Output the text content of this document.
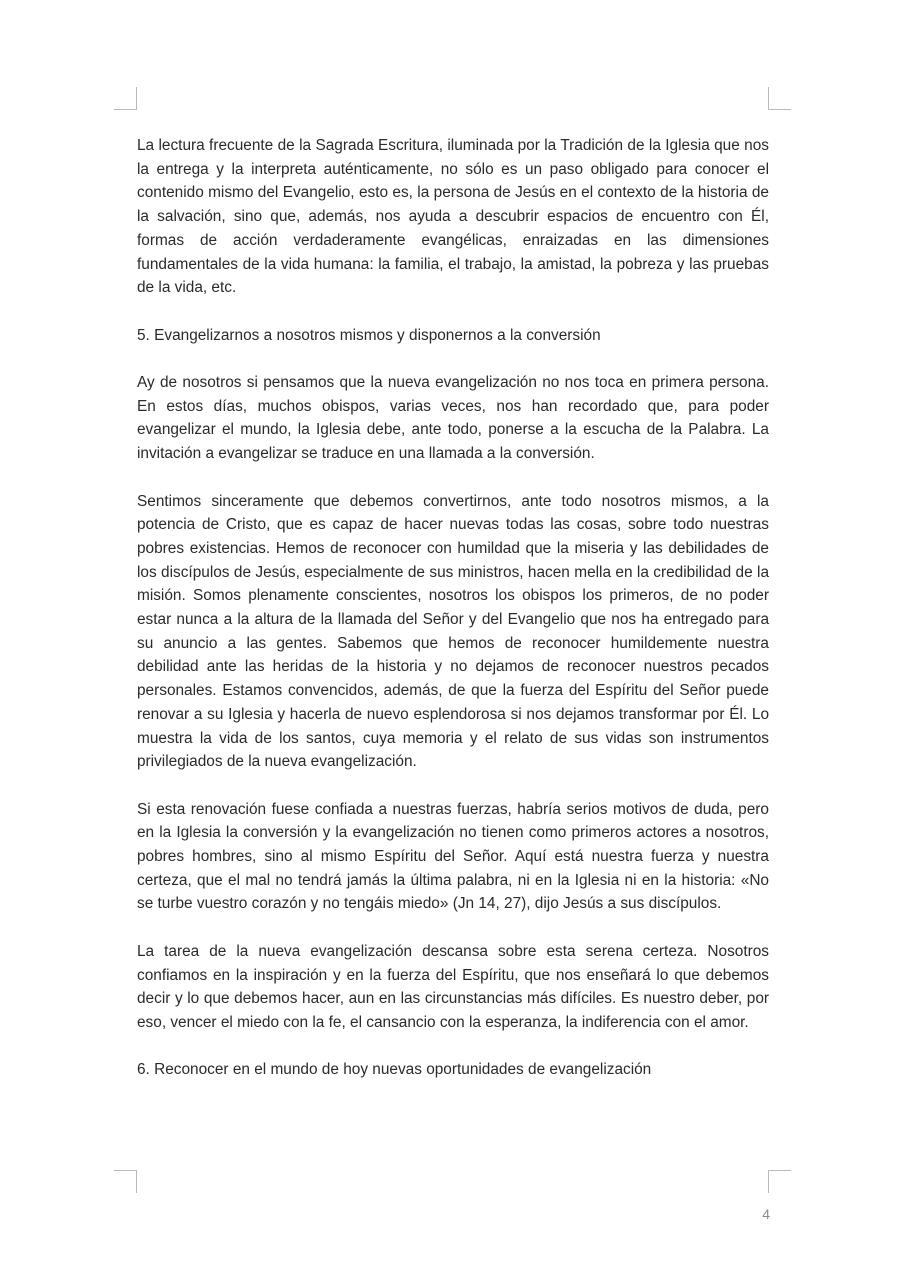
La lectura frecuente de la Sagrada Escritura, iluminada por la Tradición de la Iglesia que nos la entrega y la interpreta auténticamente, no sólo es un paso obligado para conocer el contenido mismo del Evangelio, esto es, la persona de Jesús en el contexto de la historia de la salvación, sino que, además, nos ayuda a descubrir espacios de encuentro con Él, formas de acción verdaderamente evangélicas, enraizadas en las dimensiones fundamentales de la vida humana: la familia, el trabajo, la amistad, la pobreza y las pruebas de la vida, etc.

5. Evangelizarnos a nosotros mismos y disponernos a la conversión

Ay de nosotros si pensamos que la nueva evangelización no nos toca en primera persona. En estos días, muchos obispos, varias veces, nos han recordado que, para poder evangelizar el mundo, la Iglesia debe, ante todo, ponerse a la escucha de la Palabra. La invitación a evangelizar se traduce en una llamada a la conversión.

Sentimos sinceramente que debemos convertirnos, ante todo nosotros mismos, a la potencia de Cristo, que es capaz de hacer nuevas todas las cosas, sobre todo nuestras pobres existencias. Hemos de reconocer con humildad que la miseria y las debilidades de los discípulos de Jesús, especialmente de sus ministros, hacen mella en la credibilidad de la misión. Somos plenamente conscientes, nosotros los obispos los primeros, de no poder estar nunca a la altura de la llamada del Señor y del Evangelio que nos ha entregado para su anuncio a las gentes. Sabemos que hemos de reconocer humildemente nuestra debilidad ante las heridas de la historia y no dejamos de reconocer nuestros pecados personales. Estamos convencidos, además, de que la fuerza del Espíritu del Señor puede renovar a su Iglesia y hacerla de nuevo esplendorosa si nos dejamos transformar por Él. Lo muestra la vida de los santos, cuya memoria y el relato de sus vidas son instrumentos privilegiados de la nueva evangelización.

Si esta renovación fuese confiada a nuestras fuerzas, habría serios motivos de duda, pero en la Iglesia la conversión y la evangelización no tienen como primeros actores a nosotros, pobres hombres, sino al mismo Espíritu del Señor. Aquí está nuestra fuerza y nuestra certeza, que el mal no tendrá jamás la última palabra, ni en la Iglesia ni en la historia: «No se turbe vuestro corazón y no tengáis miedo» (Jn 14, 27), dijo Jesús a sus discípulos.

La tarea de la nueva evangelización descansa sobre esta serena certeza. Nosotros confiamos en la inspiración y en la fuerza del Espíritu, que nos enseñará lo que debemos decir y lo que debemos hacer, aun en las circunstancias más difíciles. Es nuestro deber, por eso, vencer el miedo con la fe, el cansancio con la esperanza, la indiferencia con el amor.

6. Reconocer en el mundo de hoy nuevas oportunidades de evangelización

4
